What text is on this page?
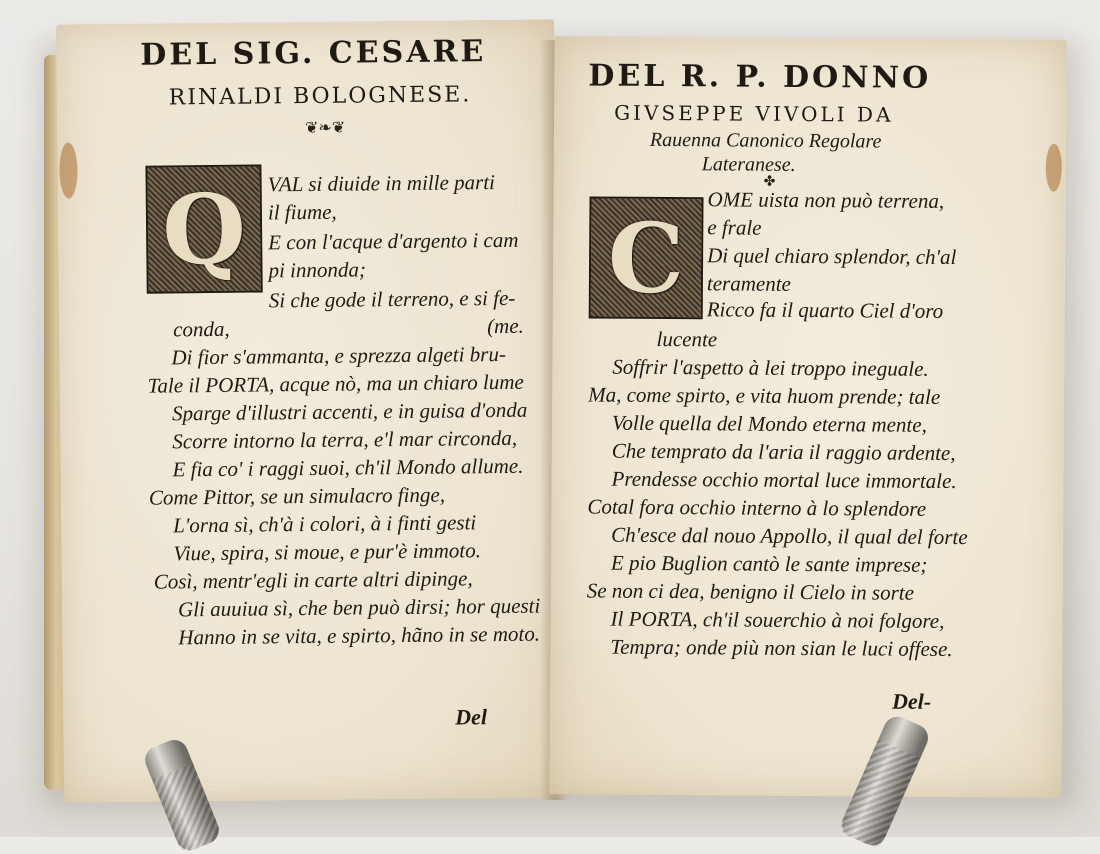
DEL SIG. CESARE
RINALDI BOLOGNESE.
❦❧❦
Q VAL si diuide in mille parti
il fiume,
E con l'acque d'argento i cam
pi innonda;
Si che gode il terreno, e si fe-
conda,	(me.
Di fior s'ammanta, e sprezza algeti bru-
Tale il PORTA, acque nò, ma un chiaro lume
Sparge d'illustri accenti, e in guisa d'onda
Scorre intorno la terra, e'l mar circonda,
E fia co' i raggi suoi, ch'il Mondo allume.
Come Pittor, se un simulacro finge,
L'orna sì, ch'à i colori, à i finti gesti
Viue, spira, si moue, e pur'è immoto.
Così, mentr'egli in carte altri dipinge,
Gli auuiua sì, che ben può dirsi; hor questi
Hanno in se vita, e spirto, hãno in se moto.
Del
DEL R. P. DONNO
GIVSEPPE VIVOLI DA
Rauenna Canonico Regolare
Lateranese.
✤
C
OME uista non può terrena,
e frale
Di quel chiaro splendor, ch'al
teramente
Ricco fa il quarto Ciel d'oro
lucente
Soffrir l'aspetto à lei troppo ineguale.
Ma, come spirto, e vita huom prende; tale
Volle quella del Mondo eterna mente,
Che temprato da l'aria il raggio ardente,
Prendesse occhio mortal luce immortale.
Cotal fora occhio interno à lo splendore
Ch'esce dal nouo Appollo, il qual del forte
E pio Buglion cantò le sante imprese;
Se non ci dea, benigno il Cielo in sorte
Il PORTA, ch'il souerchio à noi folgore,
Tempra; onde più non sian le luci offese.
Del-
